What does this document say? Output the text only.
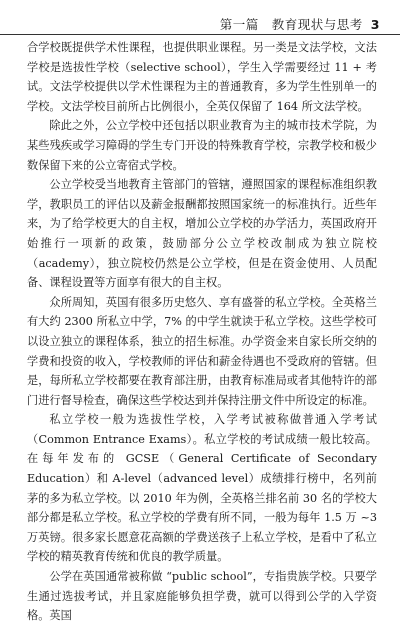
第一篇　教育现状与思考 3

合学校既提供学术性课程，也提供职业课程。另一类是文法学校，文法学校是选拔性学校（selective school），学生入学需要经过 11 + 考试。文法学校提供以学术性课程为主的普通教育，多为学生性别单一的学校。文法学校目前所占比例很小，全英仅保留了 164 所文法学校。

除此之外，公立学校中还包括以职业教育为主的城市技术学院，为某些残疾或学习障碍的学生专门开设的特殊教育学校，宗教学校和极少数保留下来的公立寄宿式学校。

公立学校受当地教育主管部门的管辖，遵照国家的课程标准组织教学，教职员工的评估以及薪金报酬都按照国家统一的标准执行。近些年来，为了给学校更大的自主权，增加公立学校的办学活力，英国政府开始推行一项新的政策，鼓励部分公立学校改制成为独立院校（academy），独立院校仍然是公立学校，但是在资金使用、人员配备、课程设置等方面享有很大的自主权。

众所周知，英国有很多历史悠久、享有盛誉的私立学校。全英格兰有大约 2300 所私立中学，7% 的中学生就读于私立学校。这些学校可以设立独立的课程体系，独立的招生标准。办学资金来自家长所交纳的学费和投资的收入，学校教师的评估和薪金待遇也不受政府的管辖。但是，每所私立学校都要在教育部注册，由教育标准局或者其他特许的部门进行督导检查，确保这些学校达到并保持注册文件中所设定的标准。

私立学校一般为选拔性学校，入学考试被称做普通入学考试（Common Entrance Exams）。私立学校的考试成绩一般比较高。在每年发布的 GCSE（General Certificate of Secondary Education）和 A-level（advanced level）成绩排行榜中，名列前茅的多为私立学校。以 2010 年为例，全英格兰排名前 30 名的学校大部分都是私立学校。私立学校的学费有所不同，一般为每年 1.5 万 ~3 万英镑。很多家长愿意花高额的学费送孩子上私立学校，是看中了私立学校的精英教育传统和优良的教学质量。

公学在英国通常被称做 “public school”，专指贵族学校。只要学生通过选拔考试，并且家庭能够负担学费，就可以得到公学的入学资格。英国
